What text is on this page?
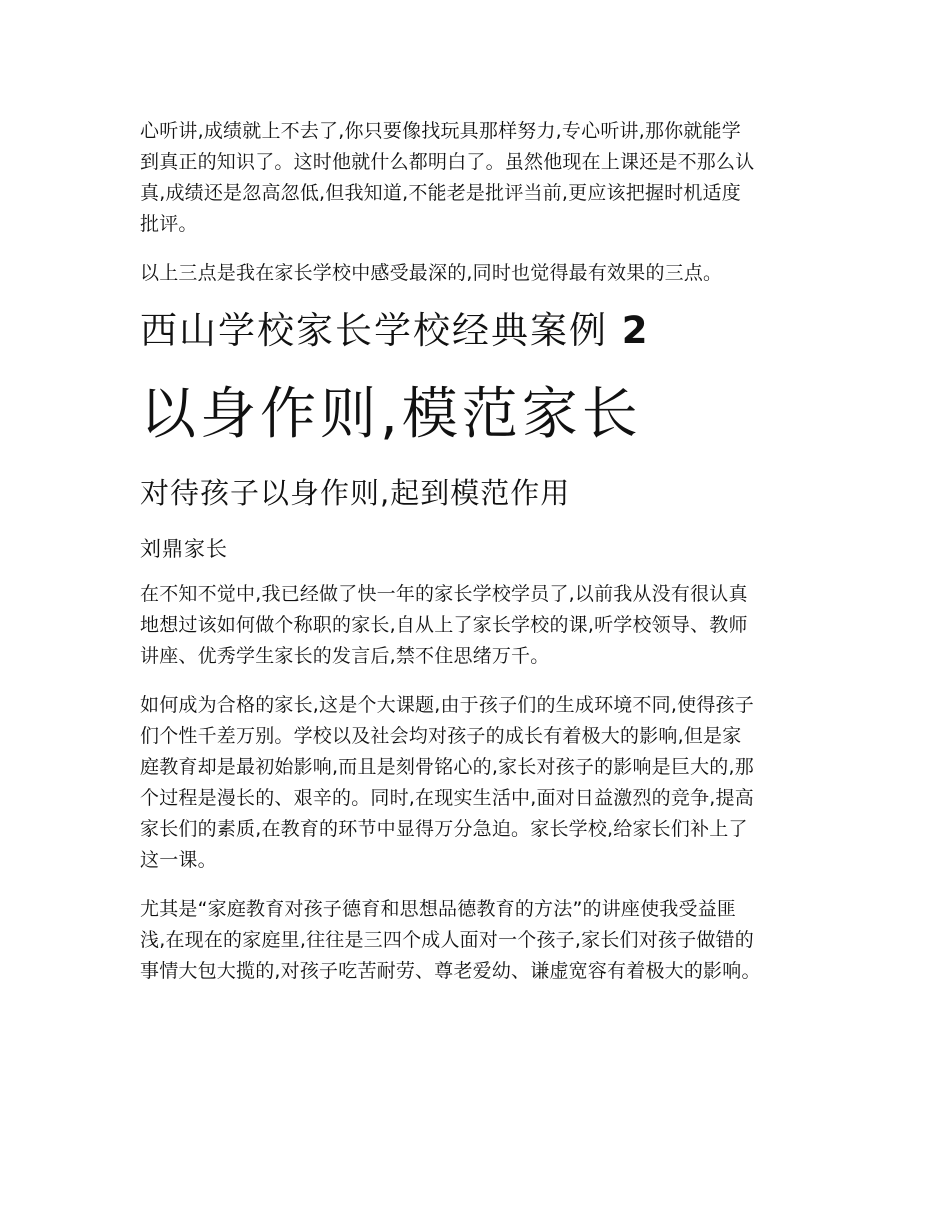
心听讲,成绩就上不去了,你只要像找玩具那样努力,专心听讲,那你就能学
到真正的知识了。这时他就什么都明白了。虽然他现在上课还是不那么认
真,成绩还是忽高忽低,但我知道,不能老是批评当前,更应该把握时机适度
批评。

以上三点是我在家长学校中感受最深的,同时也觉得最有效果的三点。

西山学校家长学校经典案例 2
以身作则,模范家长
对待孩子以身作则,起到模范作用
刘鼎家长

在不知不觉中,我已经做了快一年的家长学校学员了,以前我从没有很认真
地想过该如何做个称职的家长,自从上了家长学校的课,听学校领导、教师
讲座、优秀学生家长的发言后,禁不住思绪万千。

如何成为合格的家长,这是个大课题,由于孩子们的生成环境不同,使得孩子
们个性千差万别。学校以及社会均对孩子的成长有着极大的影响,但是家
庭教育却是最初始影响,而且是刻骨铭心的,家长对孩子的影响是巨大的,那
个过程是漫长的、艰辛的。同时,在现实生活中,面对日益激烈的竞争,提高
家长们的素质,在教育的环节中显得万分急迫。家长学校,给家长们补上了
这一课。

尤其是“家庭教育对孩子德育和思想品德教育的方法”的讲座使我受益匪
浅,在现在的家庭里,往往是三四个成人面对一个孩子,家长们对孩子做错的
事情大包大揽的,对孩子吃苦耐劳、尊老爱幼、谦虚宽容有着极大的影响。
